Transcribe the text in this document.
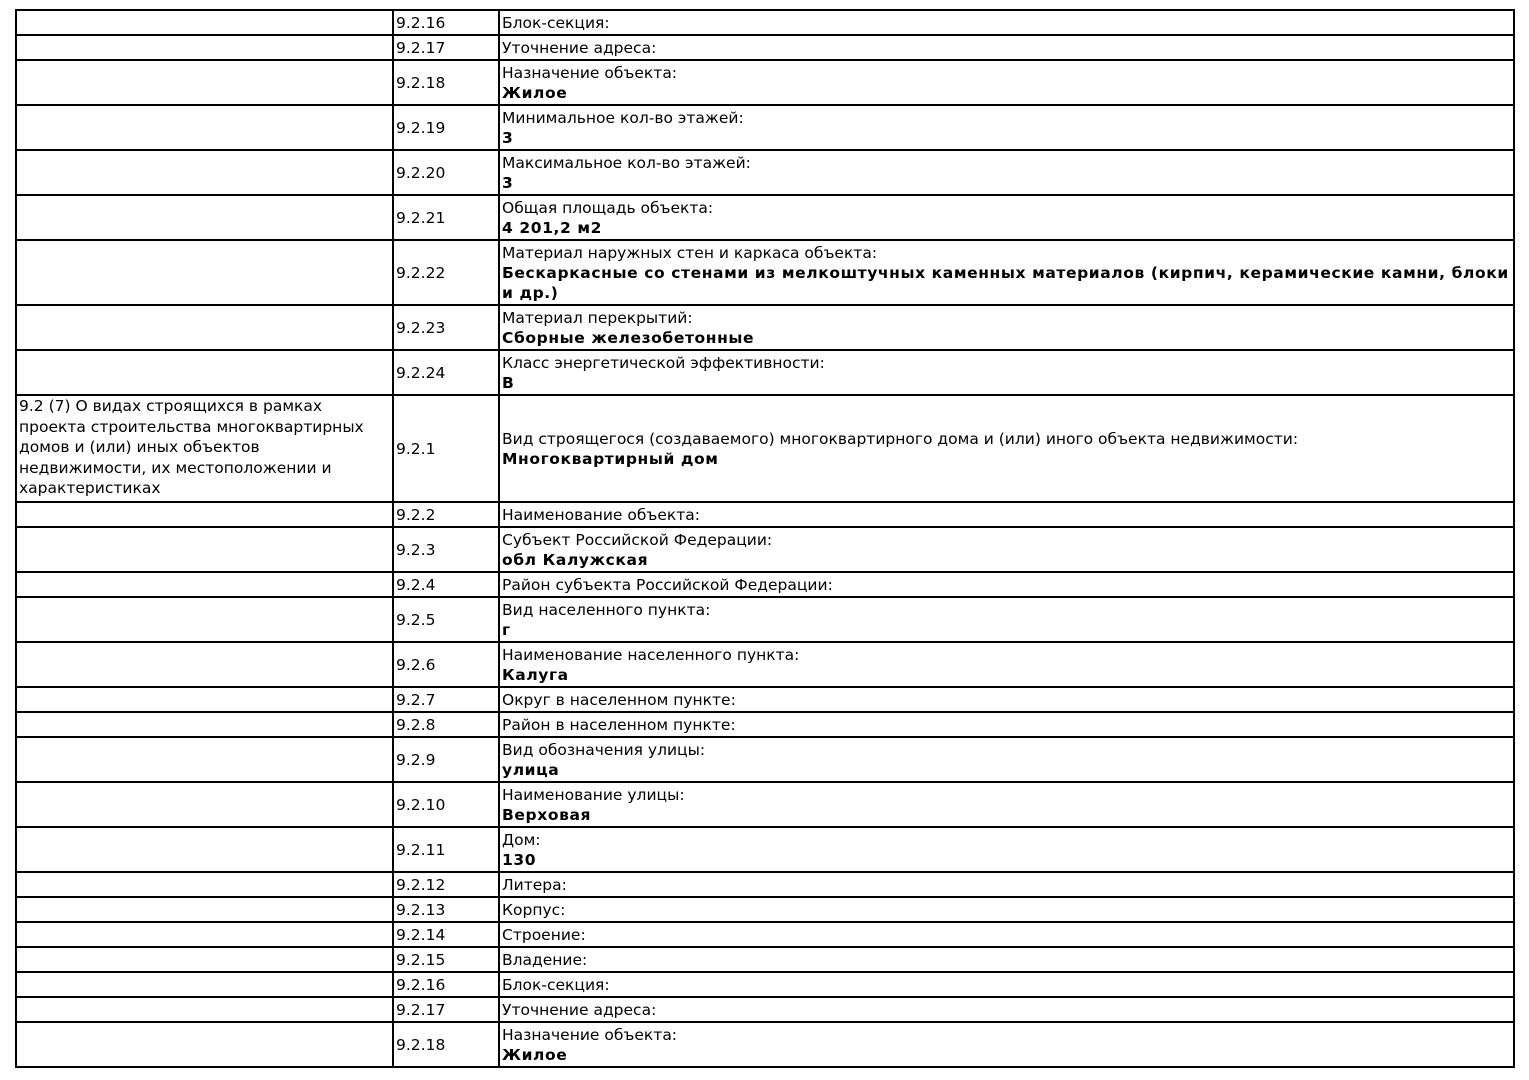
	9.2.16	Блок-секция:

	9.2.17	Уточнение адреса:

	9.2.18	Назначение объекта:
Жилое

	9.2.19	Минимальное кол-во этажей:
3

	9.2.20	Максимальное кол-во этажей:
3

	9.2.21	Общая площадь объекта:
4 201,2 м2

	9.2.22	Материал наружных стен и каркаса объекта:
Бескаркасные со стенами из мелкоштучных каменных материалов (кирпич, керамические камни, блоки и др.)

	9.2.23	Материал перекрытий:
Сборные железобетонные

	9.2.24	Класс энергетической эффективности:
B

9.2 (7) О видах строящихся в рамках проекта строительства многоквартирных домов и (или) иных объектов недвижимости, их местоположении и характеристиках	9.2.1	Вид строящегося (создаваемого) многоквартирного дома и (или) иного объекта недвижимости:
Многоквартирный дом

	9.2.2	Наименование объекта:

	9.2.3	Субъект Российской Федерации:
обл Калужская

	9.2.4	Район субъекта Российской Федерации:

	9.2.5	Вид населенного пункта:
г

	9.2.6	Наименование населенного пункта:
Калуга

	9.2.7	Округ в населенном пункте:

	9.2.8	Район в населенном пункте:

	9.2.9	Вид обозначения улицы:
улица

	9.2.10	Наименование улицы:
Верховая

	9.2.11	Дом:
130

	9.2.12	Литера:

	9.2.13	Корпус:

	9.2.14	Строение:

	9.2.15	Владение:

	9.2.16	Блок-секция:

	9.2.17	Уточнение адреса:

	9.2.18	Назначение объекта:
Жилое
